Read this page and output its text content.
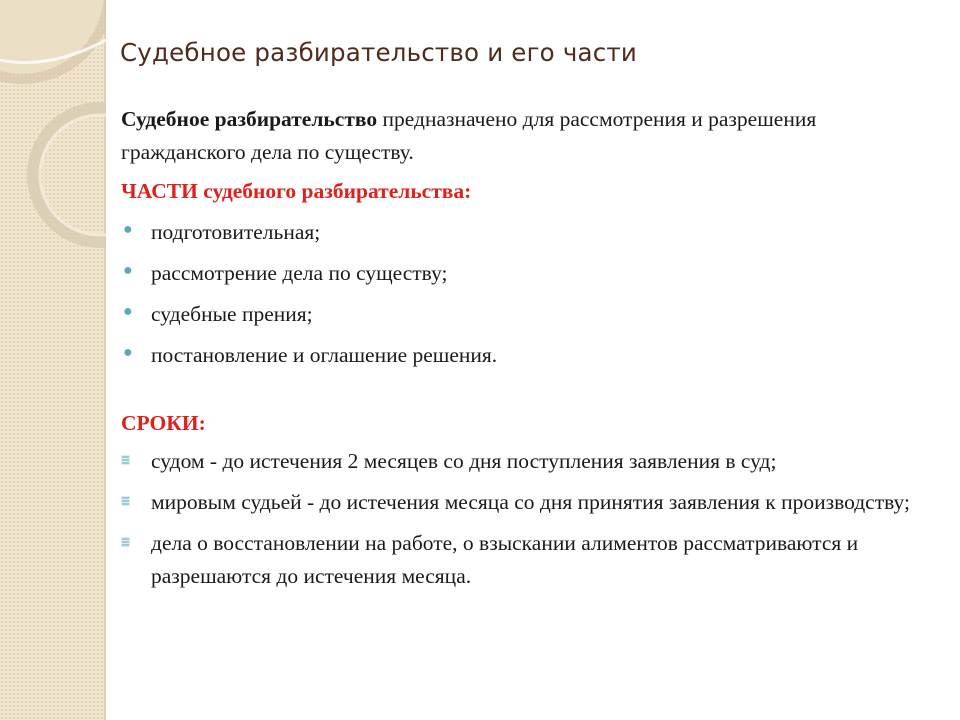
Судебное разбирательство и его части

Судебное разбирательство предназначено для рассмотрения и разрешения гражданского дела по существу.

ЧАСТИ судебного разбирательства:

● подготовительная;
● рассмотрение дела по существу;
● судебные прения;
● постановление и оглашение решения.

СРОКИ:

судом - до истечения 2 месяцев со дня поступления заявления в суд;
мировым судьей - до истечения месяца со дня принятия заявления к производству;
дела о восстановлении на работе, о взыскании алиментов рассматриваются и разрешаются до истечения месяца.
